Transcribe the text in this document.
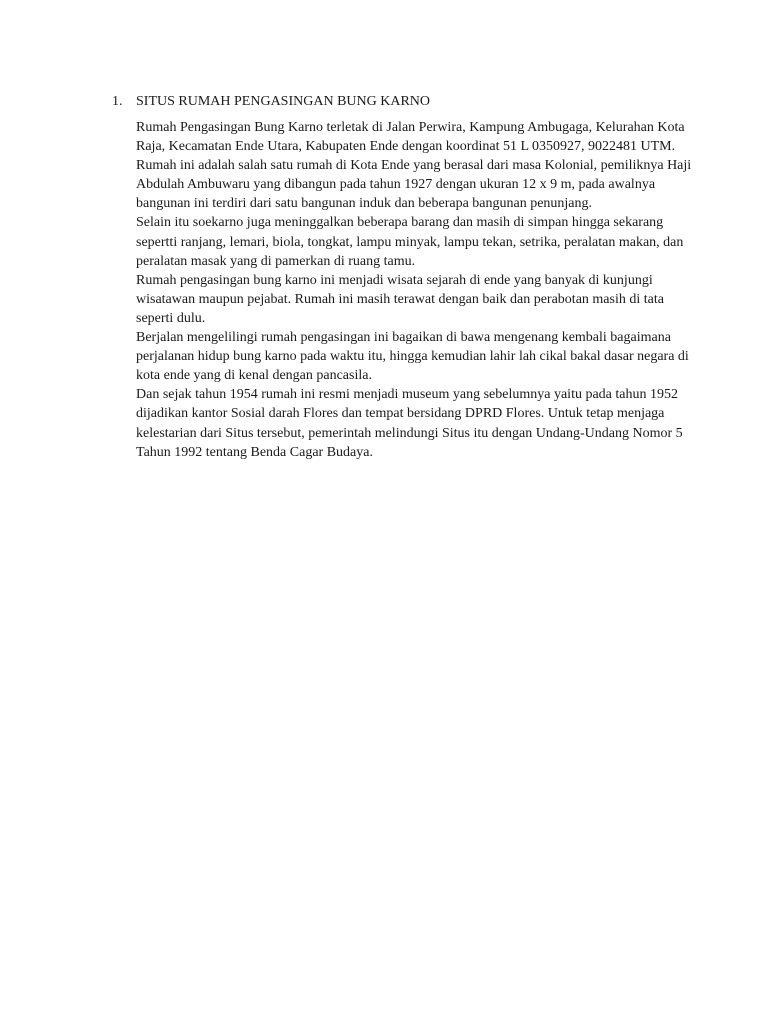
1. SITUS RUMAH PENGASINGAN BUNG KARNO

Rumah Pengasingan Bung Karno terletak di Jalan Perwira, Kampung Ambugaga, Kelurahan Kota Raja, Kecamatan Ende Utara, Kabupaten Ende dengan koordinat 51 L 0350927, 9022481 UTM.

Rumah ini adalah salah satu rumah di Kota Ende yang berasal dari masa Kolonial, pemiliknya Haji Abdulah Ambuwaru yang dibangun pada tahun 1927 dengan ukuran 12 x 9 m, pada awalnya bangunan ini terdiri dari satu bangunan induk dan beberapa bangunan penunjang.

Selain itu soekarno juga meninggalkan beberapa barang dan masih di simpan hingga sekarang sepertti ranjang, lemari, biola, tongkat, lampu minyak, lampu tekan, setrika, peralatan makan, dan peralatan masak yang di pamerkan di ruang tamu.

Rumah pengasingan bung karno ini menjadi wisata sejarah di ende yang banyak di kunjungi wisatawan maupun pejabat. Rumah ini masih terawat dengan baik dan perabotan masih di tata seperti dulu.

Berjalan mengelilingi rumah pengasingan ini bagaikan di bawa mengenang kembali bagaimana perjalanan hidup bung karno pada waktu itu, hingga kemudian lahir lah cikal bakal dasar negara di kota ende yang di kenal dengan pancasila.

Dan sejak tahun 1954 rumah ini resmi menjadi museum yang sebelumnya yaitu pada tahun 1952 dijadikan kantor Sosial darah Flores dan tempat bersidang DPRD Flores. Untuk tetap menjaga kelestarian dari Situs tersebut, pemerintah melindungi Situs itu dengan Undang-Undang Nomor 5 Tahun 1992 tentang Benda Cagar Budaya.
